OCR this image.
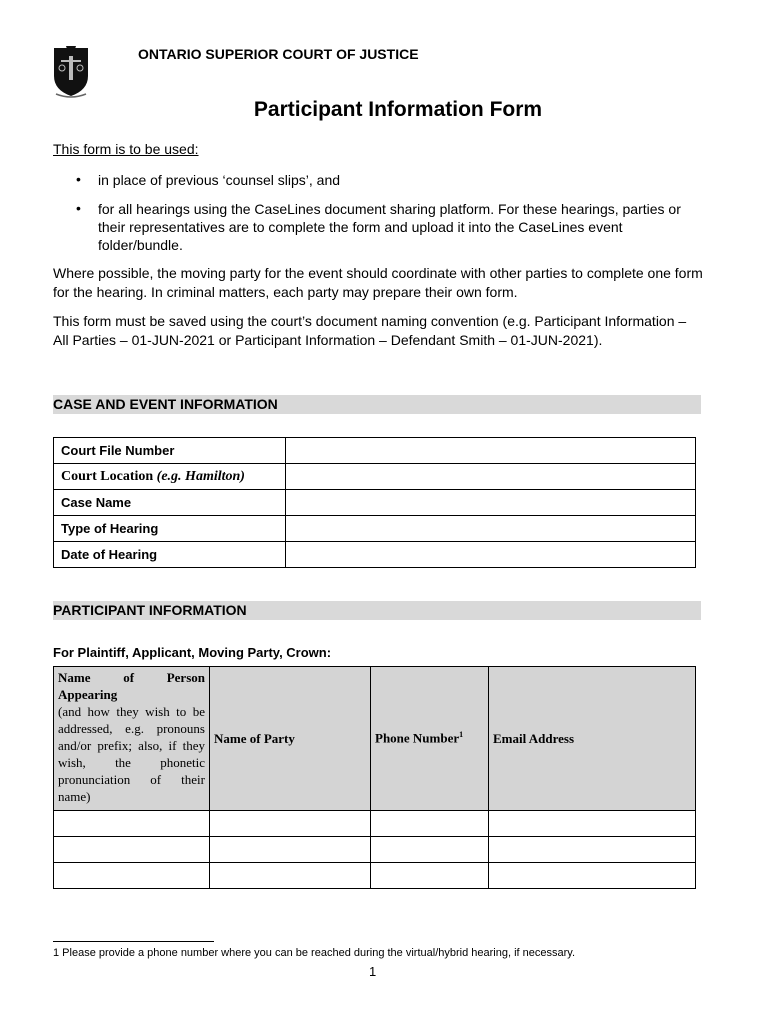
ONTARIO SUPERIOR COURT OF JUSTICE
Participant Information Form
This form is to be used:
• in place of previous ‘counsel slips’, and
• for all hearings using the CaseLines document sharing platform. For these hearings, parties or their representatives are to complete the form and upload it into the CaseLines event folder/bundle.
Where possible, the moving party for the event should coordinate with other parties to complete one form for the hearing. In criminal matters, each party may prepare their own form.
This form must be saved using the court’s document naming convention (e.g. Participant Information – All Parties – 01-JUN-2021 or Participant Information – Defendant Smith – 01-JUN-2021).
CASE AND EVENT INFORMATION
Court File Number	
Court Location (e.g. Hamilton)	
Case Name	
Type of Hearing	
Date of Hearing	
PARTICIPANT INFORMATION
For Plaintiff, Applicant, Moving Party, Crown:
Name of Person Appearing
(and how they wish to be addressed, e.g. pronouns and/or prefix; also, if they wish, the phonetic pronunciation of their name)	Name of Party	Phone Number$^1$	Email Address

1 Please provide a phone number where you can be reached during the virtual/hybrid hearing, if necessary.
1
